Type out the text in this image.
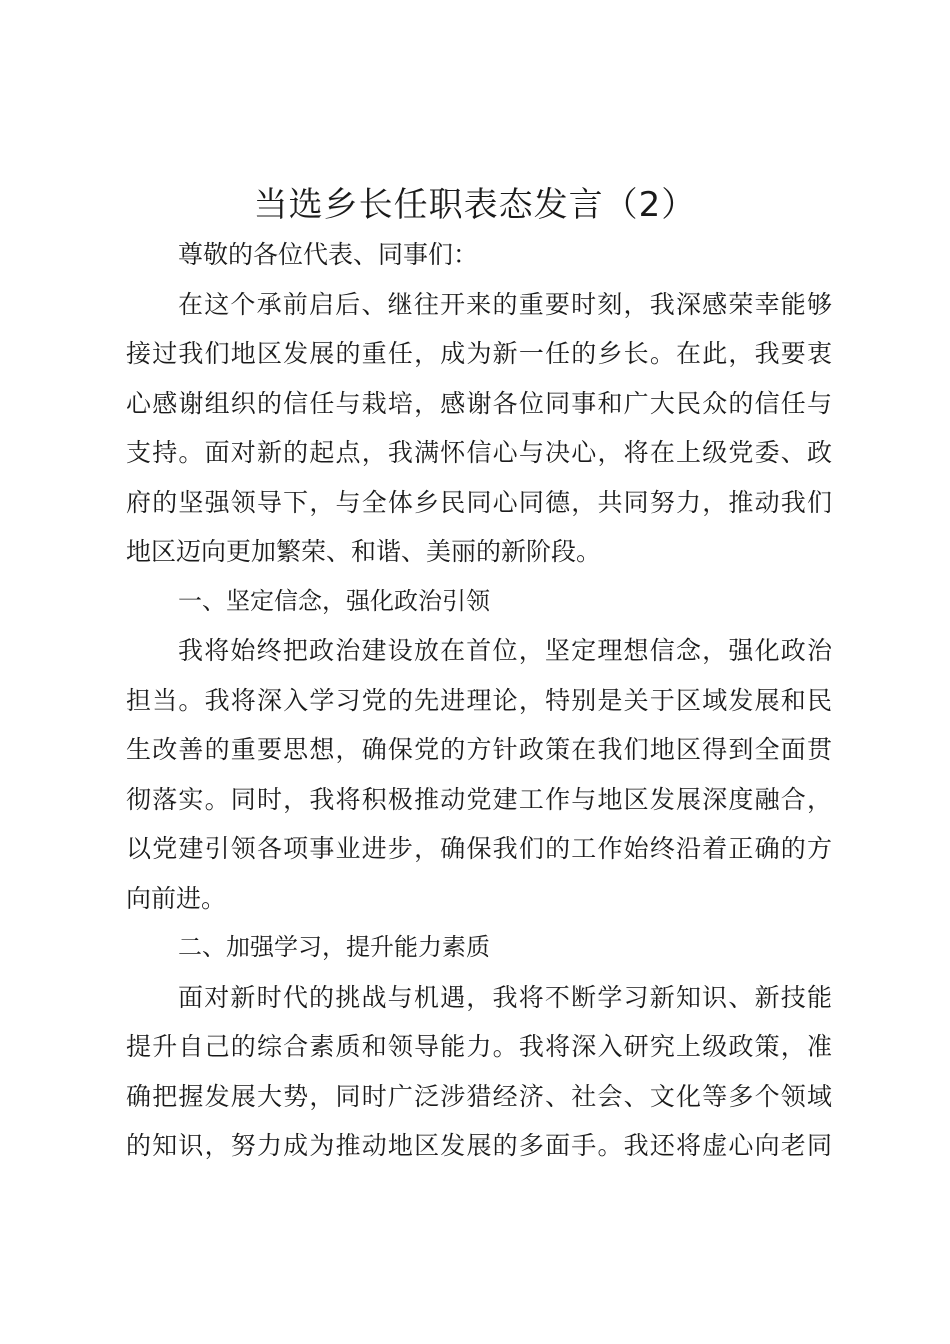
当选乡长任职表态发言（2）
尊敬的各位代表、同事们：
在这个承前启后、继往开来的重要时刻，我深感荣幸能够
接过我们地区发展的重任，成为新一任的乡长。在此，我要衷
心感谢组织的信任与栽培，感谢各位同事和广大民众的信任与
支持。面对新的起点，我满怀信心与决心，将在上级党委、政
府的坚强领导下，与全体乡民同心同德，共同努力，推动我们
地区迈向更加繁荣、和谐、美丽的新阶段。
一、坚定信念，强化政治引领
我将始终把政治建设放在首位，坚定理想信念，强化政治
担当。我将深入学习党的先进理论，特别是关于区域发展和民
生改善的重要思想，确保党的方针政策在我们地区得到全面贯
彻落实。同时，我将积极推动党建工作与地区发展深度融合，
以党建引领各项事业进步，确保我们的工作始终沿着正确的方
向前进。
二、加强学习，提升能力素质
面对新时代的挑战与机遇，我将不断学习新知识、新技能
提升自己的综合素质和领导能力。我将深入研究上级政策，准
确把握发展大势，同时广泛涉猎经济、社会、文化等多个领域
的知识，努力成为推动地区发展的多面手。我还将虚心向老同
